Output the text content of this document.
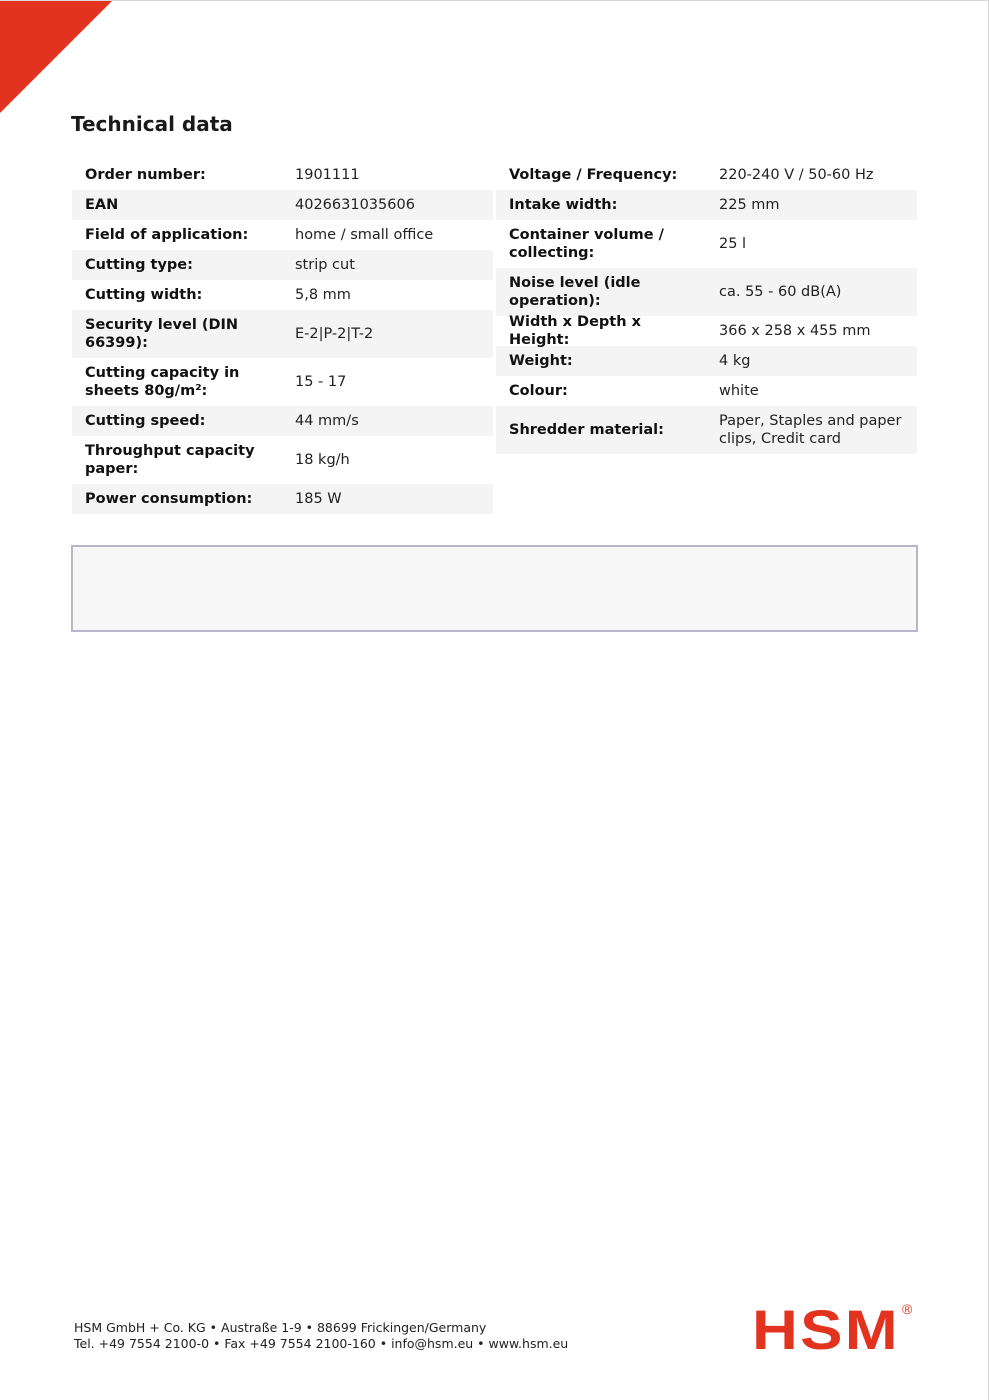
Technical data
Order number:	1901111
EAN	4026631035606
Field of application:	home / small office
Cutting type:	strip cut
Cutting width:	5,8 mm
Security level (DIN 66399):
E-2|P-2|T-2
Cutting capacity in sheets 80g/m²:
15 - 17
Cutting speed:	44 mm/s
Throughput capacity paper:
18 kg/h
Power consumption:	185 W
Voltage / Frequency:	220-240 V / 50-60 Hz
Intake width:	225 mm
Container volume / collecting:
25 l
Noise level (idle operation):
ca. 55 - 60 dB(A)
Width x Depth x Height:
366 x 258 x 455 mm
Weight:	4 kg
Colour:	white
Shredder material:
Paper, Staples and paper clips, Credit card
HSM GmbH + Co. KG • Austraße 1-9 • 88699 Frickingen/Germany
Tel. +49 7554 2100-0 • Fax +49 7554 2100-160 • info@hsm.eu • www.hsm.eu	HSM ®
